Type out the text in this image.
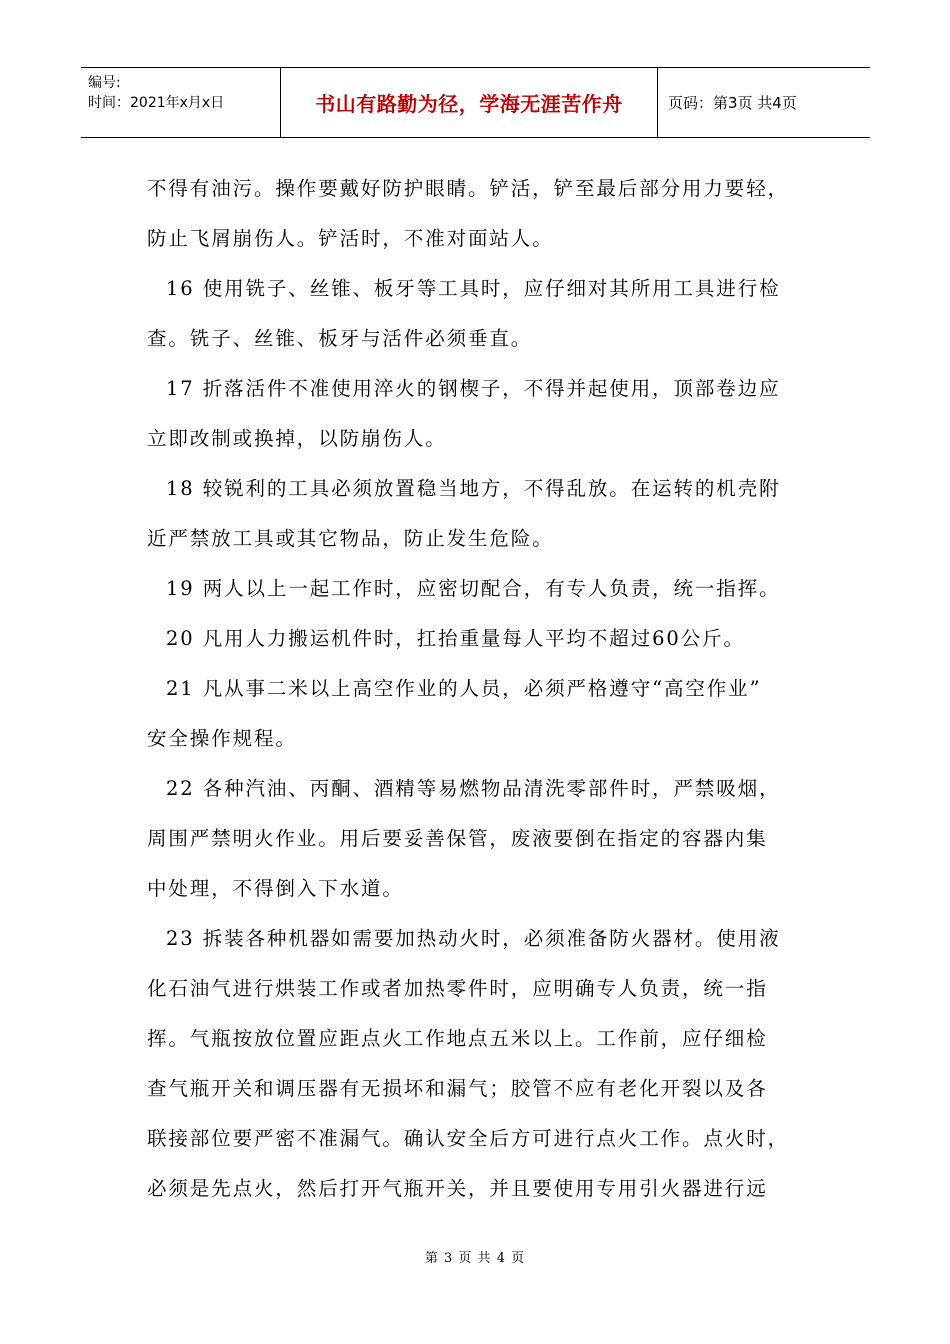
编号:
时间：2021年x月x日	书山有路勤为径，学海无涯苦作舟	页码：第3页 共4页

不得有油污。操作要戴好防护眼睛。铲活，铲至最后部分用力要轻，
防止飞屑崩伤人。铲活时，不准对面站人。

16 使用铣子、丝锥、板牙等工具时，应仔细对其所用工具进行检
查。铣子、丝锥、板牙与活件必须垂直。

17 折落活件不准使用淬火的钢楔子，不得并起使用，顶部卷边应
立即改制或换掉，以防崩伤人。

18 较锐利的工具必须放置稳当地方，不得乱放。在运转的机壳附
近严禁放工具或其它物品，防止发生危险。

19 两人以上一起工作时，应密切配合，有专人负责，统一指挥。

20 凡用人力搬运机件时，扛抬重量每人平均不超过60公斤。

21 凡从事二米以上高空作业的人员，必须严格遵守“高空作业”
安全操作规程。

22 各种汽油、丙酮、酒精等易燃物品清洗零部件时，严禁吸烟，
周围严禁明火作业。用后要妥善保管，废液要倒在指定的容器内集
中处理，不得倒入下水道。

23 拆装各种机器如需要加热动火时，必须准备防火器材。使用液
化石油气进行烘装工作或者加热零件时，应明确专人负责，统一指
挥。气瓶按放位置应距点火工作地点五米以上。工作前，应仔细检
查气瓶开关和调压器有无损坏和漏气；胶管不应有老化开裂以及各
联接部位要严密不准漏气。确认安全后方可进行点火工作。点火时，
必须是先点火，然后打开气瓶开关，并且要使用专用引火器进行远

第 3 页 共 4 页
